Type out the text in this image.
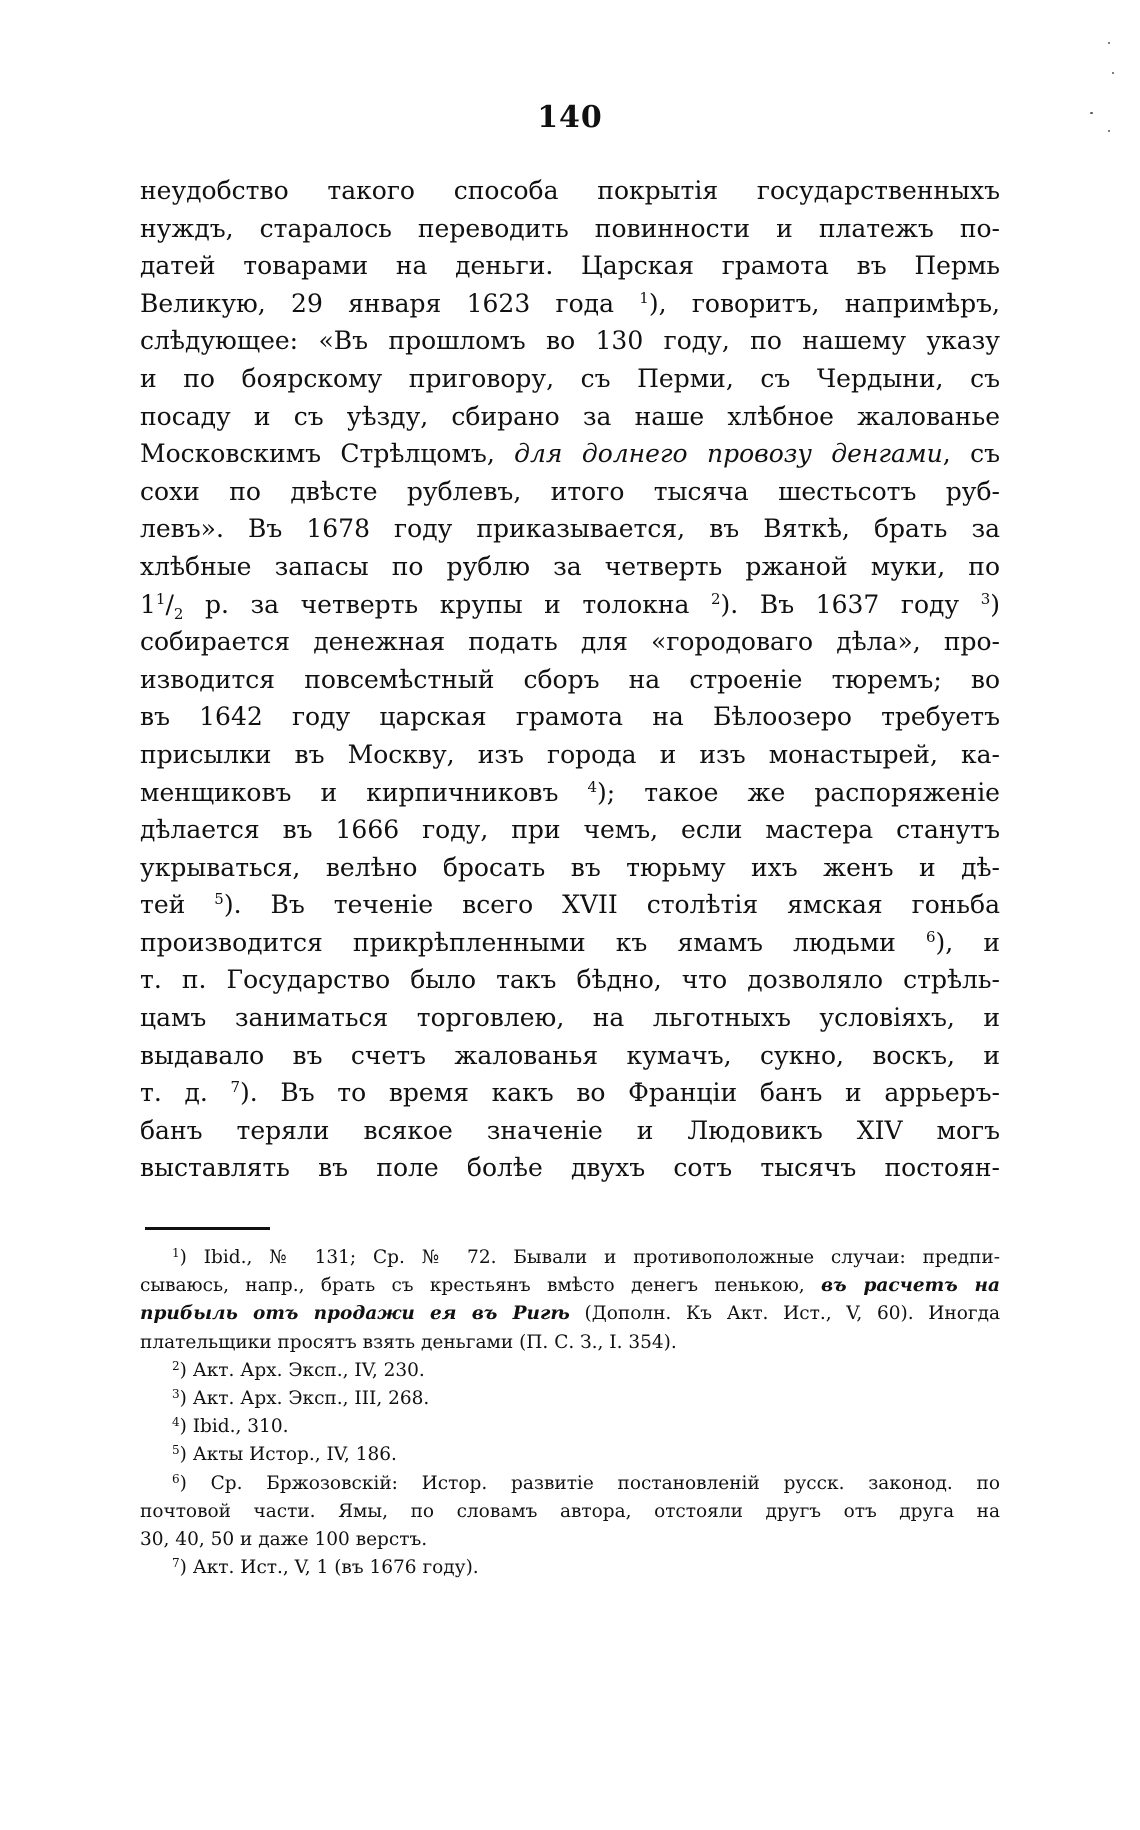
140
неудобство такого способа покрытія государственныхъ
нуждъ, старалось переводить повинности и платежъ по-
датей товарами на деньги. Царская грамота въ Пермь
Великую, 29 января 1623 года $^1$), говоритъ, напримѣръ,
слѣдующее: «Въ прошломъ во 130 году, по нашему указу
и по боярскому приговору, съ Перми, съ Чердыни, съ
посаду и съ уѣзду, сбирано за наше хлѣбное жалованье
Московскимъ Стрѣлцомъ, для долнего провозу денгами, съ
сохи по двѣсте рублевъ, итого тысяча шестьсотъ руб-
левъ». Въ 1678 году приказывается, въ Вяткѣ, брать за
хлѣбные запасы по рублю за четверть ржаной муки, по
$1^1/_2$ р. за четверть крупы и толокна $^2$). Въ 1637 году $^3$)
собирается денежная подать для «городоваго дѣла», про-
изводится повсемѣстный сборъ на строеніе тюремъ; во
въ 1642 году царская грамота на Бѣлоозеро требуетъ
присылки въ Москву, изъ города и изъ монастырей, ка-
менщиковъ и кирпичниковъ $^4$); такое же распоряженіе
дѣлается въ 1666 году, при чемъ, если мастера станутъ
укрываться, велѣно бросать въ тюрьму ихъ женъ и дѣ-
тей $^5$). Въ теченіе всего XVII столѣтія ямская гоньба
производится прикрѣпленными къ ямамъ людьми $^6$), и
т. п. Государство было такъ бѣдно, что дозволяло стрѣль-
цамъ заниматься торговлею, на льготныхъ условіяхъ, и
выдавало въ счетъ жалованья кумачъ, сукно, воскъ, и
т. д. $^7$). Въ то время какъ во Франціи банъ и аррьеръ-
банъ теряли всякое значеніе и Людовикъ XIV могъ
выставлять въ поле болѣе двухъ сотъ тысячъ постоян-
$^1$) Ibid., № 131; Ср. № 72. Бывали и противоположные случаи: предпи-
сываюсь, напр., брать съ крестьянъ вмѣсто денегъ пенькою, въ расчетъ на
прибыль отъ продажи ея въ Ригѣ (Дополн. Къ Акт. Ист., V, 60). Иногда
плательщики просятъ взять деньгами (П. С. З., I. 354).
$^2$) Акт. Арх. Эксп., IV, 230.
$^3$) Акт. Арх. Эксп., III, 268.
$^4$) Ibid., 310.
$^5$) Акты Истор., IV, 186.
$^6$) Ср. Бржозовскій: Истор. развитіе постановленій русск. законод. по
почтовой части. Ямы, по словамъ автора, отстояли другъ отъ друга на
30, 40, 50 и даже 100 верстъ.
$^7$) Акт. Ист., V, 1 (въ 1676 году).
